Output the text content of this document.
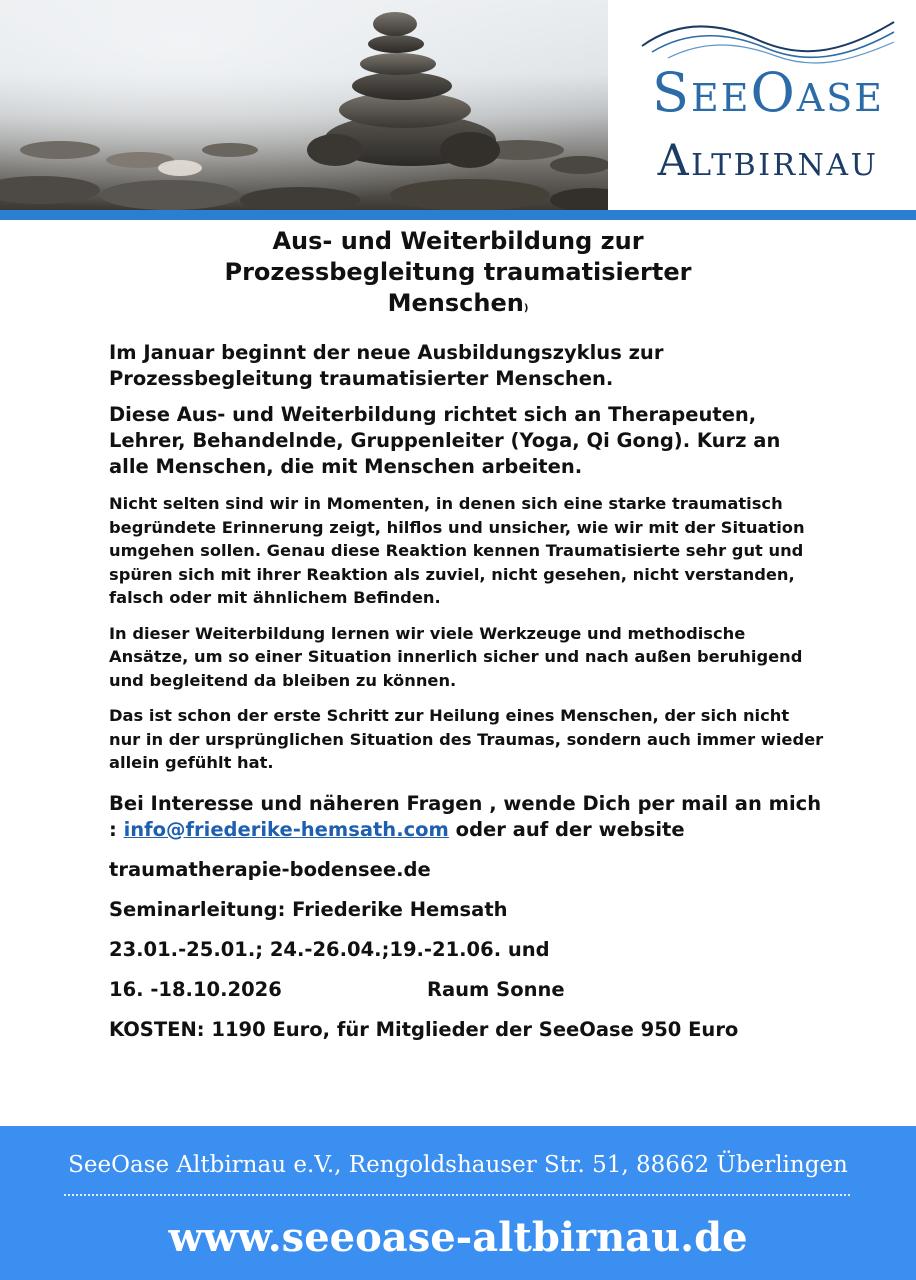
SeeOase
Altbirnau
Aus- und Weiterbildung zur
Prozessbegleitung traumatisierter
Menschen)

Im Januar beginnt der neue Ausbildungszyklus zur Prozessbegleitung traumatisierter Menschen.

Diese Aus- und Weiterbildung richtet sich an Therapeuten, Lehrer, Behandelnde, Gruppenleiter (Yoga, Qi Gong). Kurz an alle Menschen, die mit Menschen arbeiten.

Nicht selten sind wir in Momenten, in denen sich eine starke traumatisch begründete Erinnerung zeigt, hilflos und unsicher, wie wir mit der Situation umgehen sollen. Genau diese Reaktion kennen Traumatisierte sehr gut und spüren sich mit ihrer Reaktion als zuviel, nicht gesehen, nicht verstanden, falsch oder mit ähnlichem Befinden.

In dieser Weiterbildung lernen wir viele Werkzeuge und methodische Ansätze, um so einer Situation innerlich sicher und nach außen beruhigend und begleitend da bleiben zu können.

Das ist schon der erste Schritt zur Heilung eines Menschen, der sich nicht nur in der ursprünglichen Situation des Traumas, sondern auch immer wieder allein gefühlt hat.

Bei Interesse und näheren Fragen , wende Dich per mail an mich : info@friederike-hemsath.com oder auf der website

traumatherapie-bodensee.de

Seminarleitung: Friederike Hemsath

23.01.-25.01.; 24.-26.04.;19.-21.06. und

16. -18.10.2026	Raum Sonne

KOSTEN: 1190 Euro, für Mitglieder der SeeOase 950 Euro

SeeOase Altbirnau e.V., Rengoldshauser Str. 51, 88662 Überlingen
www.seeoase-altbirnau.de
